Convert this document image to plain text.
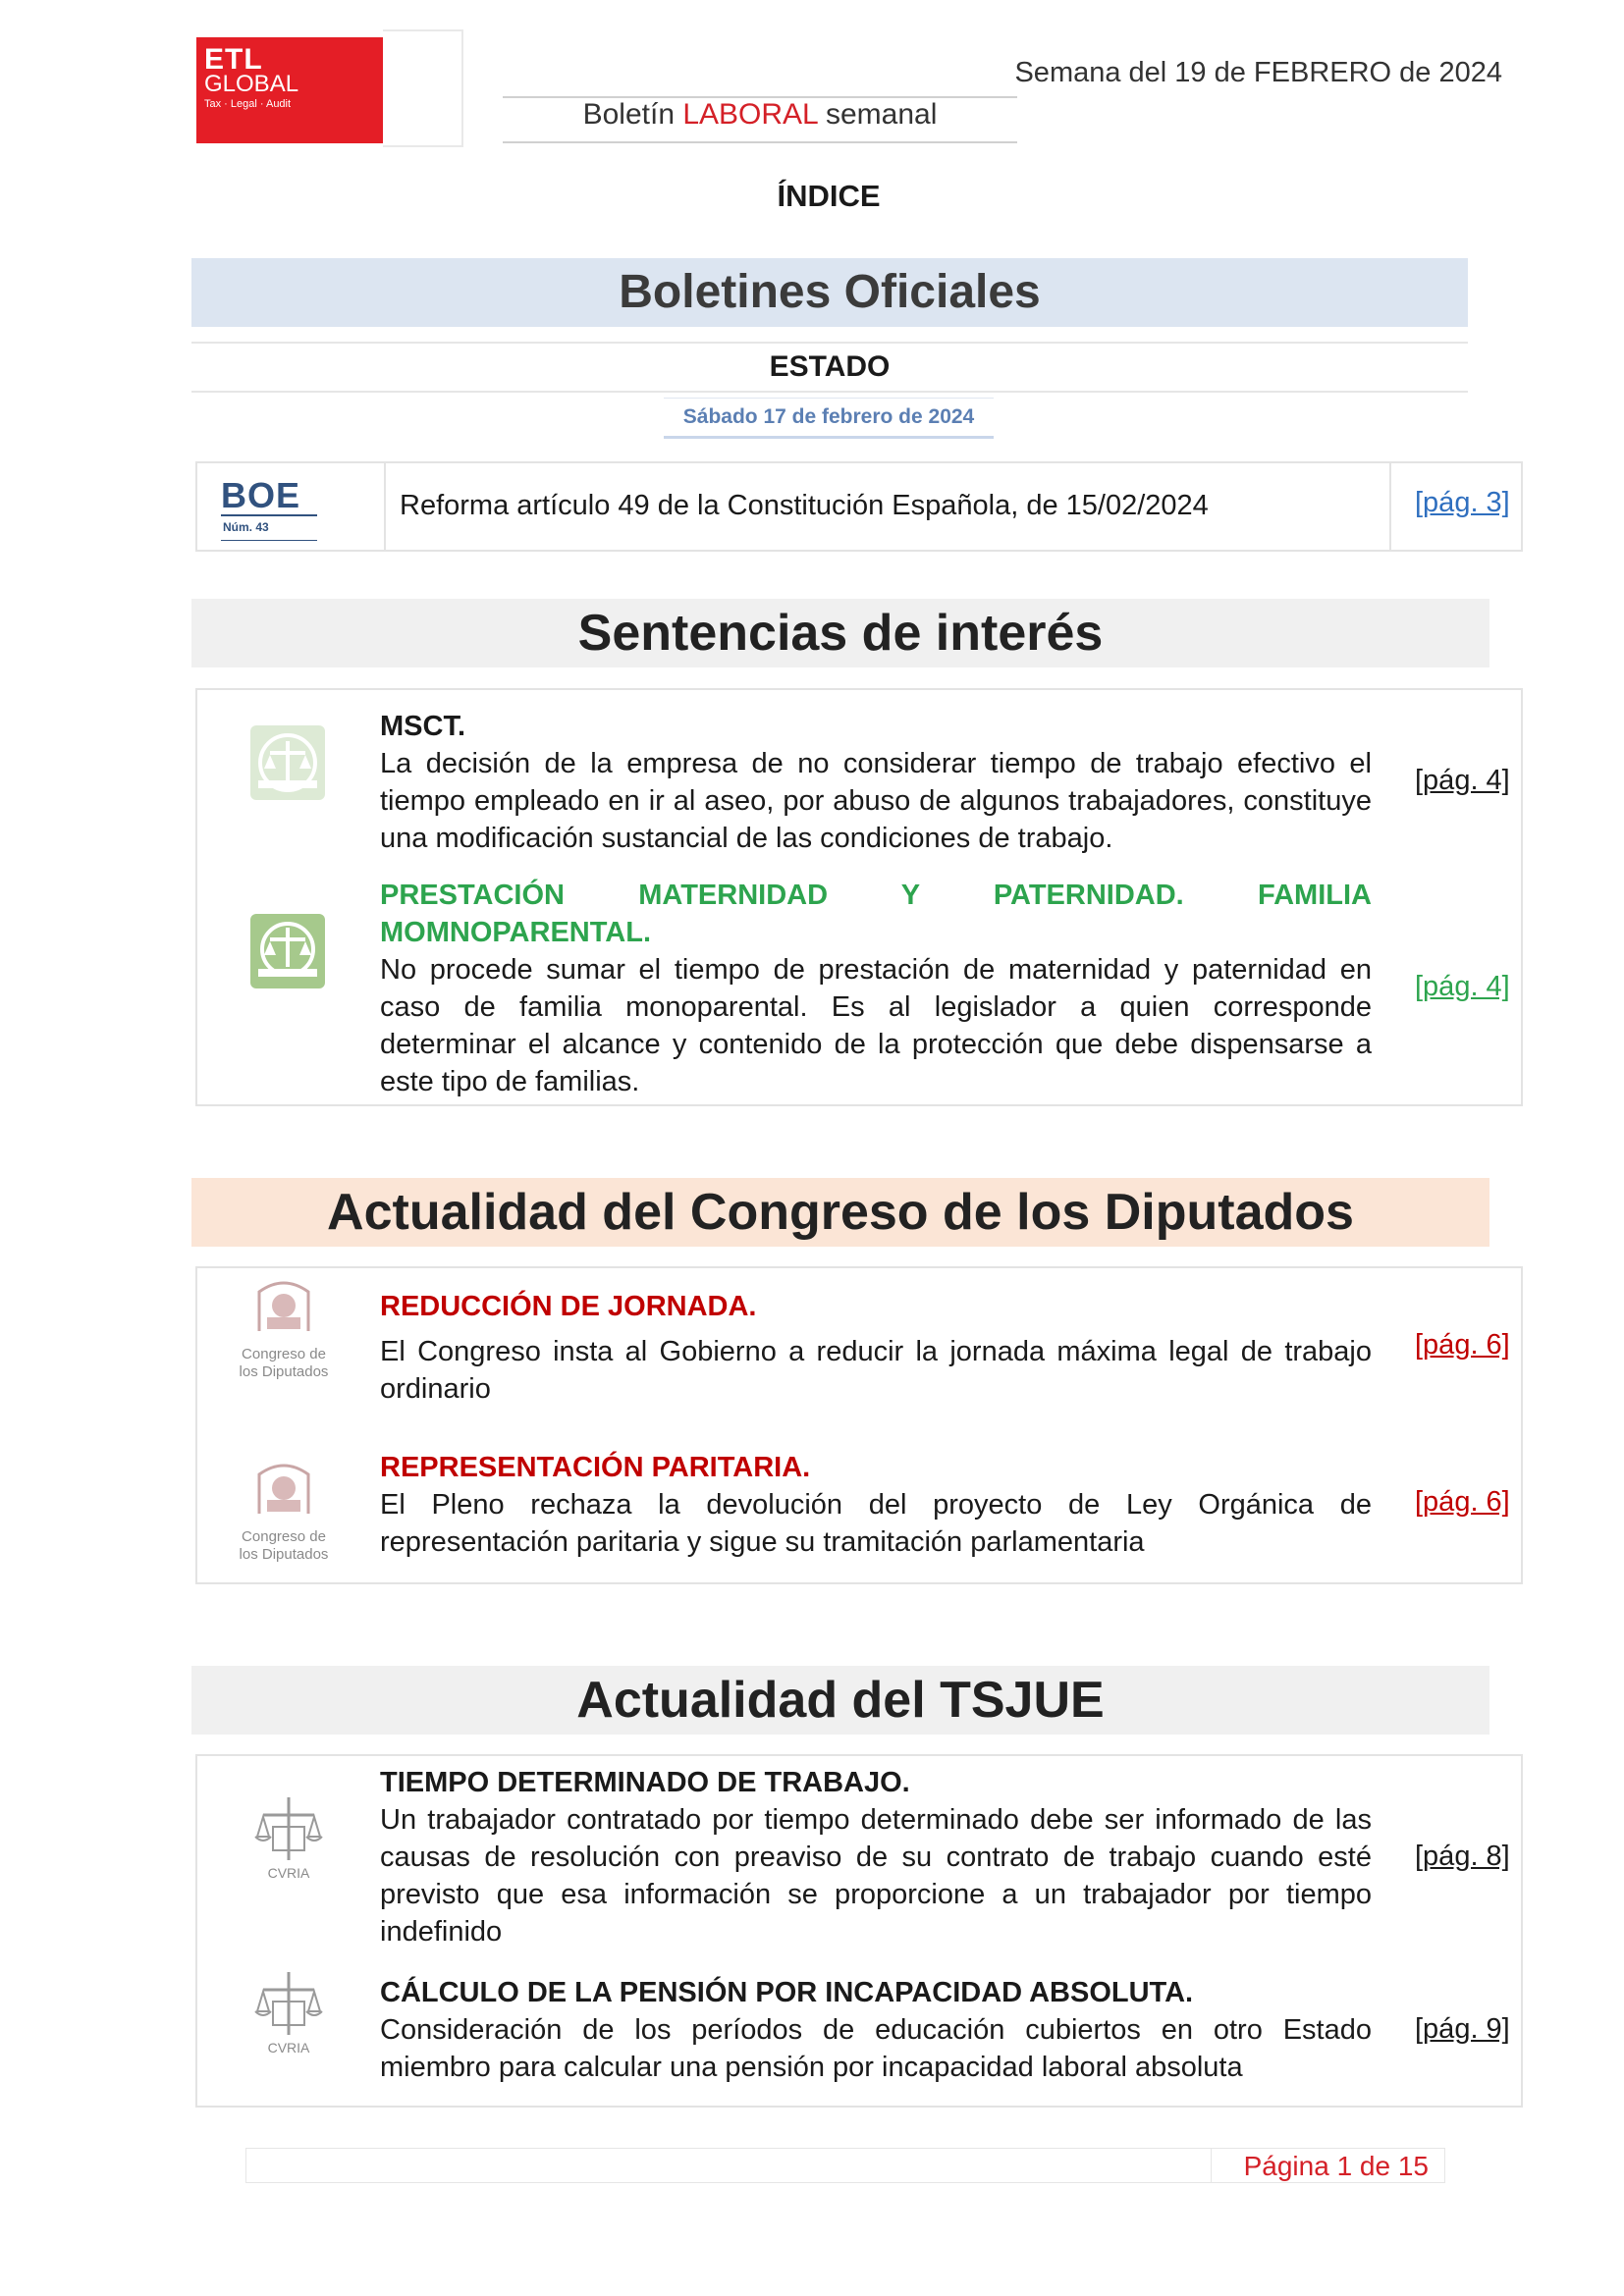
ETL
GLOBAL
Tax · Legal · Audit
Semana del 19 de FEBRERO de 2024
Boletín LABORAL semanal
ÍNDICE
Boletines Oficiales
ESTADO
Sábado 17 de febrero de 2024
BOE
Núm. 43
Reforma artículo 49 de la Constitución Española, de 15/02/2024	[pág. 3]
Sentencias de interés
MSCT.
La decisión de la empresa de no considerar tiempo de trabajo efectivo el tiempo empleado en ir al aseo, por abuso de algunos trabajadores, constituye una modificación sustancial de las condiciones de trabajo.
[pág. 4]
PRESTACIÓN MATERNIDAD Y PATERNIDAD. FAMILIA MOMNOPARENTAL.
No procede sumar el tiempo de prestación de maternidad y paternidad en caso de familia monoparental. Es al legislador a quien corresponde determinar el alcance y contenido de la protección que debe dispensarse a este tipo de familias.
[pág. 4]
Actualidad del Congreso de los Diputados
Congreso de los Diputados
Congreso de los Diputados
REDUCCIÓN DE JORNADA.
El Congreso insta al Gobierno a reducir la jornada máxima legal de trabajo ordinario
[pág. 6]
REPRESENTACIÓN PARITARIA.
El Pleno rechaza la devolución del proyecto de Ley Orgánica de representación paritaria y sigue su tramitación parlamentaria
[pág. 6]
Actualidad del TSJUE
CVRIA
CVRIA
TIEMPO DETERMINADO DE TRABAJO.
Un trabajador contratado por tiempo determinado debe ser informado de las causas de resolución con preaviso de su contrato de trabajo cuando esté previsto que esa información se proporcione a un trabajador por tiempo indefinido
[pág. 8]
CÁLCULO DE LA PENSIÓN POR INCAPACIDAD ABSOLUTA.
Consideración de los períodos de educación cubiertos en otro Estado miembro para calcular una pensión por incapacidad laboral absoluta
[pág. 9]
Página 1 de 15
